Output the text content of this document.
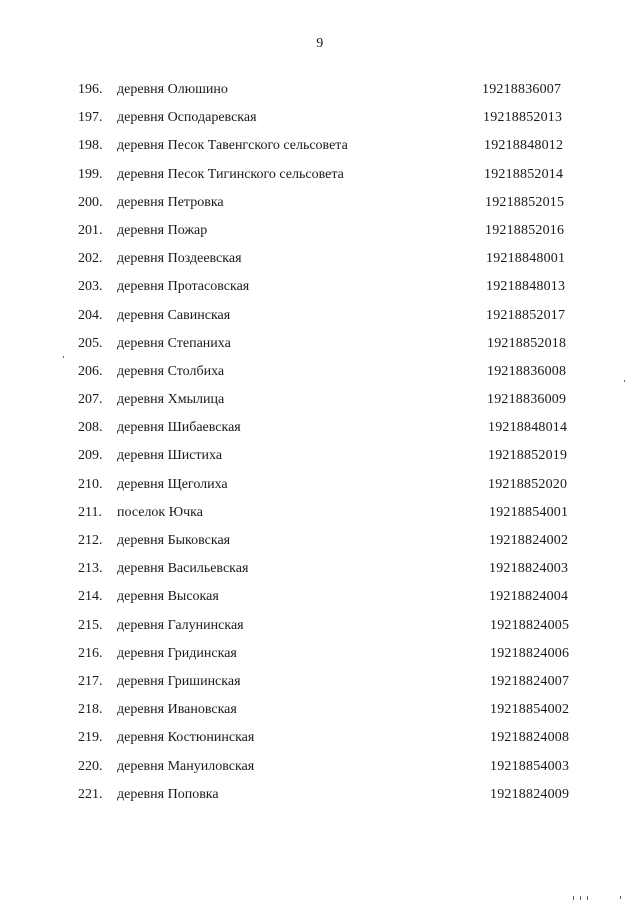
9
196.	деревня Олюшино	19218836007
197.	деревня Осподаревская	19218852013
198.	деревня Песок Тавенгского сельсовета	19218848012
199.	деревня Песок Тигинского сельсовета	19218852014
200.	деревня Петровка	19218852015
201.	деревня Пожар	19218852016
202.	деревня Поздеевская	19218848001
203.	деревня Протасовская	19218848013
204.	деревня Савинская	19218852017
205.	деревня Степаниха	19218852018
206.	деревня Столбиха	19218836008
207.	деревня Хмылица	19218836009
208.	деревня Шибаевская	19218848014
209.	деревня Шистиха	19218852019
210.	деревня Щеголиха	19218852020
211.	поселок Ючка	19218854001
212.	деревня Быковская	19218824002
213.	деревня Васильевская	19218824003
214.	деревня Высокая	19218824004
215.	деревня Галунинская	19218824005
216.	деревня Гридинская	19218824006
217.	деревня Гришинская	19218824007
218.	деревня Ивановская	19218854002
219.	деревня Костюнинская	19218824008
220.	деревня Мануиловская	19218854003
221.	деревня Поповка	19218824009
